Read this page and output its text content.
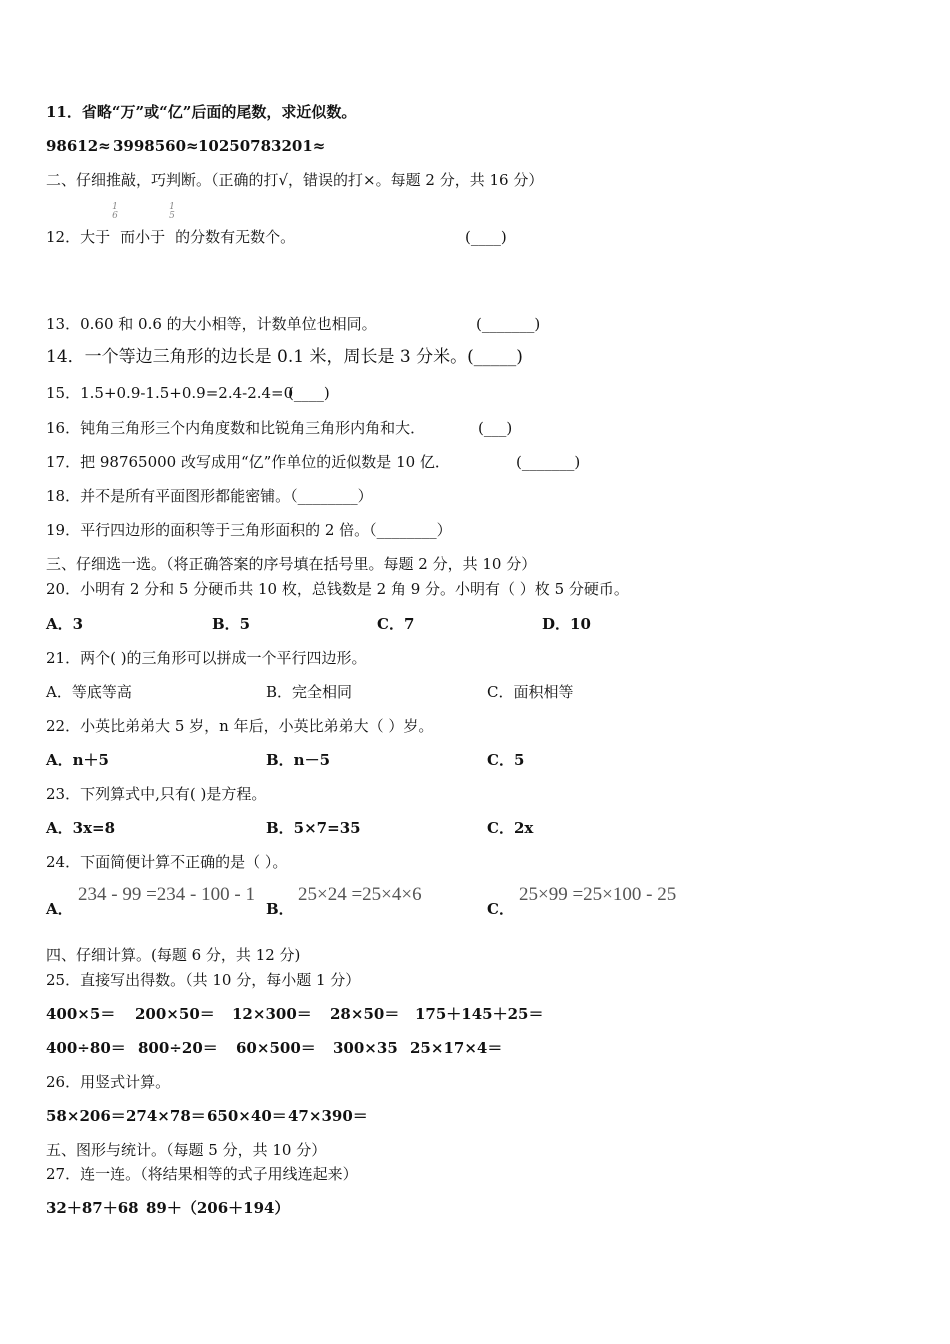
11．省略“万”或“亿”后面的尾数，求近似数。
98612≈ 3998560≈ 10250783201≈
二、仔细推敲，巧判断。（正确的打√，错误的打×。每题 2 分，共 16 分）
12．大于 而小于 的分数有无数个。
1
6
1
5
(____)
13．0.60 和 0.6 的大小相等，计数单位也相同。	(_______)
14．一个等边三角形的边长是 0.1 米，周长是 3 分米。(_____)
15．1.5+0.9-1.5+0.9=2.4-2.4=0
(____)
16．钝角三角形三个内角度数和比锐角三角形内角和大．	(___)
17．把 98765000 改写成用“亿”作单位的近似数是 10 亿．	(_______)
18．并不是所有平面图形都能密铺。（________）
19．平行四边形的面积等于三角形面积的 2 倍。（________）
三、仔细选一选。（将正确答案的序号填在括号里。每题 2 分，共 10 分）
20．小明有 2 分和 5 分硬币共 10 枚，总钱数是 2 角 9 分。小明有（ ）枚 5 分硬币。
A．3	B．5	C．7	D．10
21．两个( )的三角形可以拼成一个平行四边形。
A．等底等高	B．完全相同	C．面积相等
22．小英比弟弟大 5 岁，n 年后，小英比弟弟大（ ）岁。
A．n＋5	B．n－5	C．5
23．下列算式中,只有( )是方程。
A．3x=8	B．5×7=35	C．2x
24．下面简便计算不正确的是（ ）。
A．
234 - 99 =234 - 100 - 1
B．
25×24 =25×4×6
C．
25×99 =25×100 - 25
四、仔细计算。(每题 6 分，共 12 分)
25．直接写出得数。（共 10 分，每小题 1 分）
400×5＝ 200×50＝ 12×300＝ 28×50＝ 175＋145＋25＝
400÷80＝ 800÷20＝ 60×500＝ 300×35 25×17×4＝
26．用竖式计算。
58×206＝ 274×78＝ 650×40＝ 47×390＝
五、图形与统计。（每题 5 分，共 10 分）
27．连一连。（将结果相等的式子用线连起来）
32＋87＋68 89＋（206＋194）
